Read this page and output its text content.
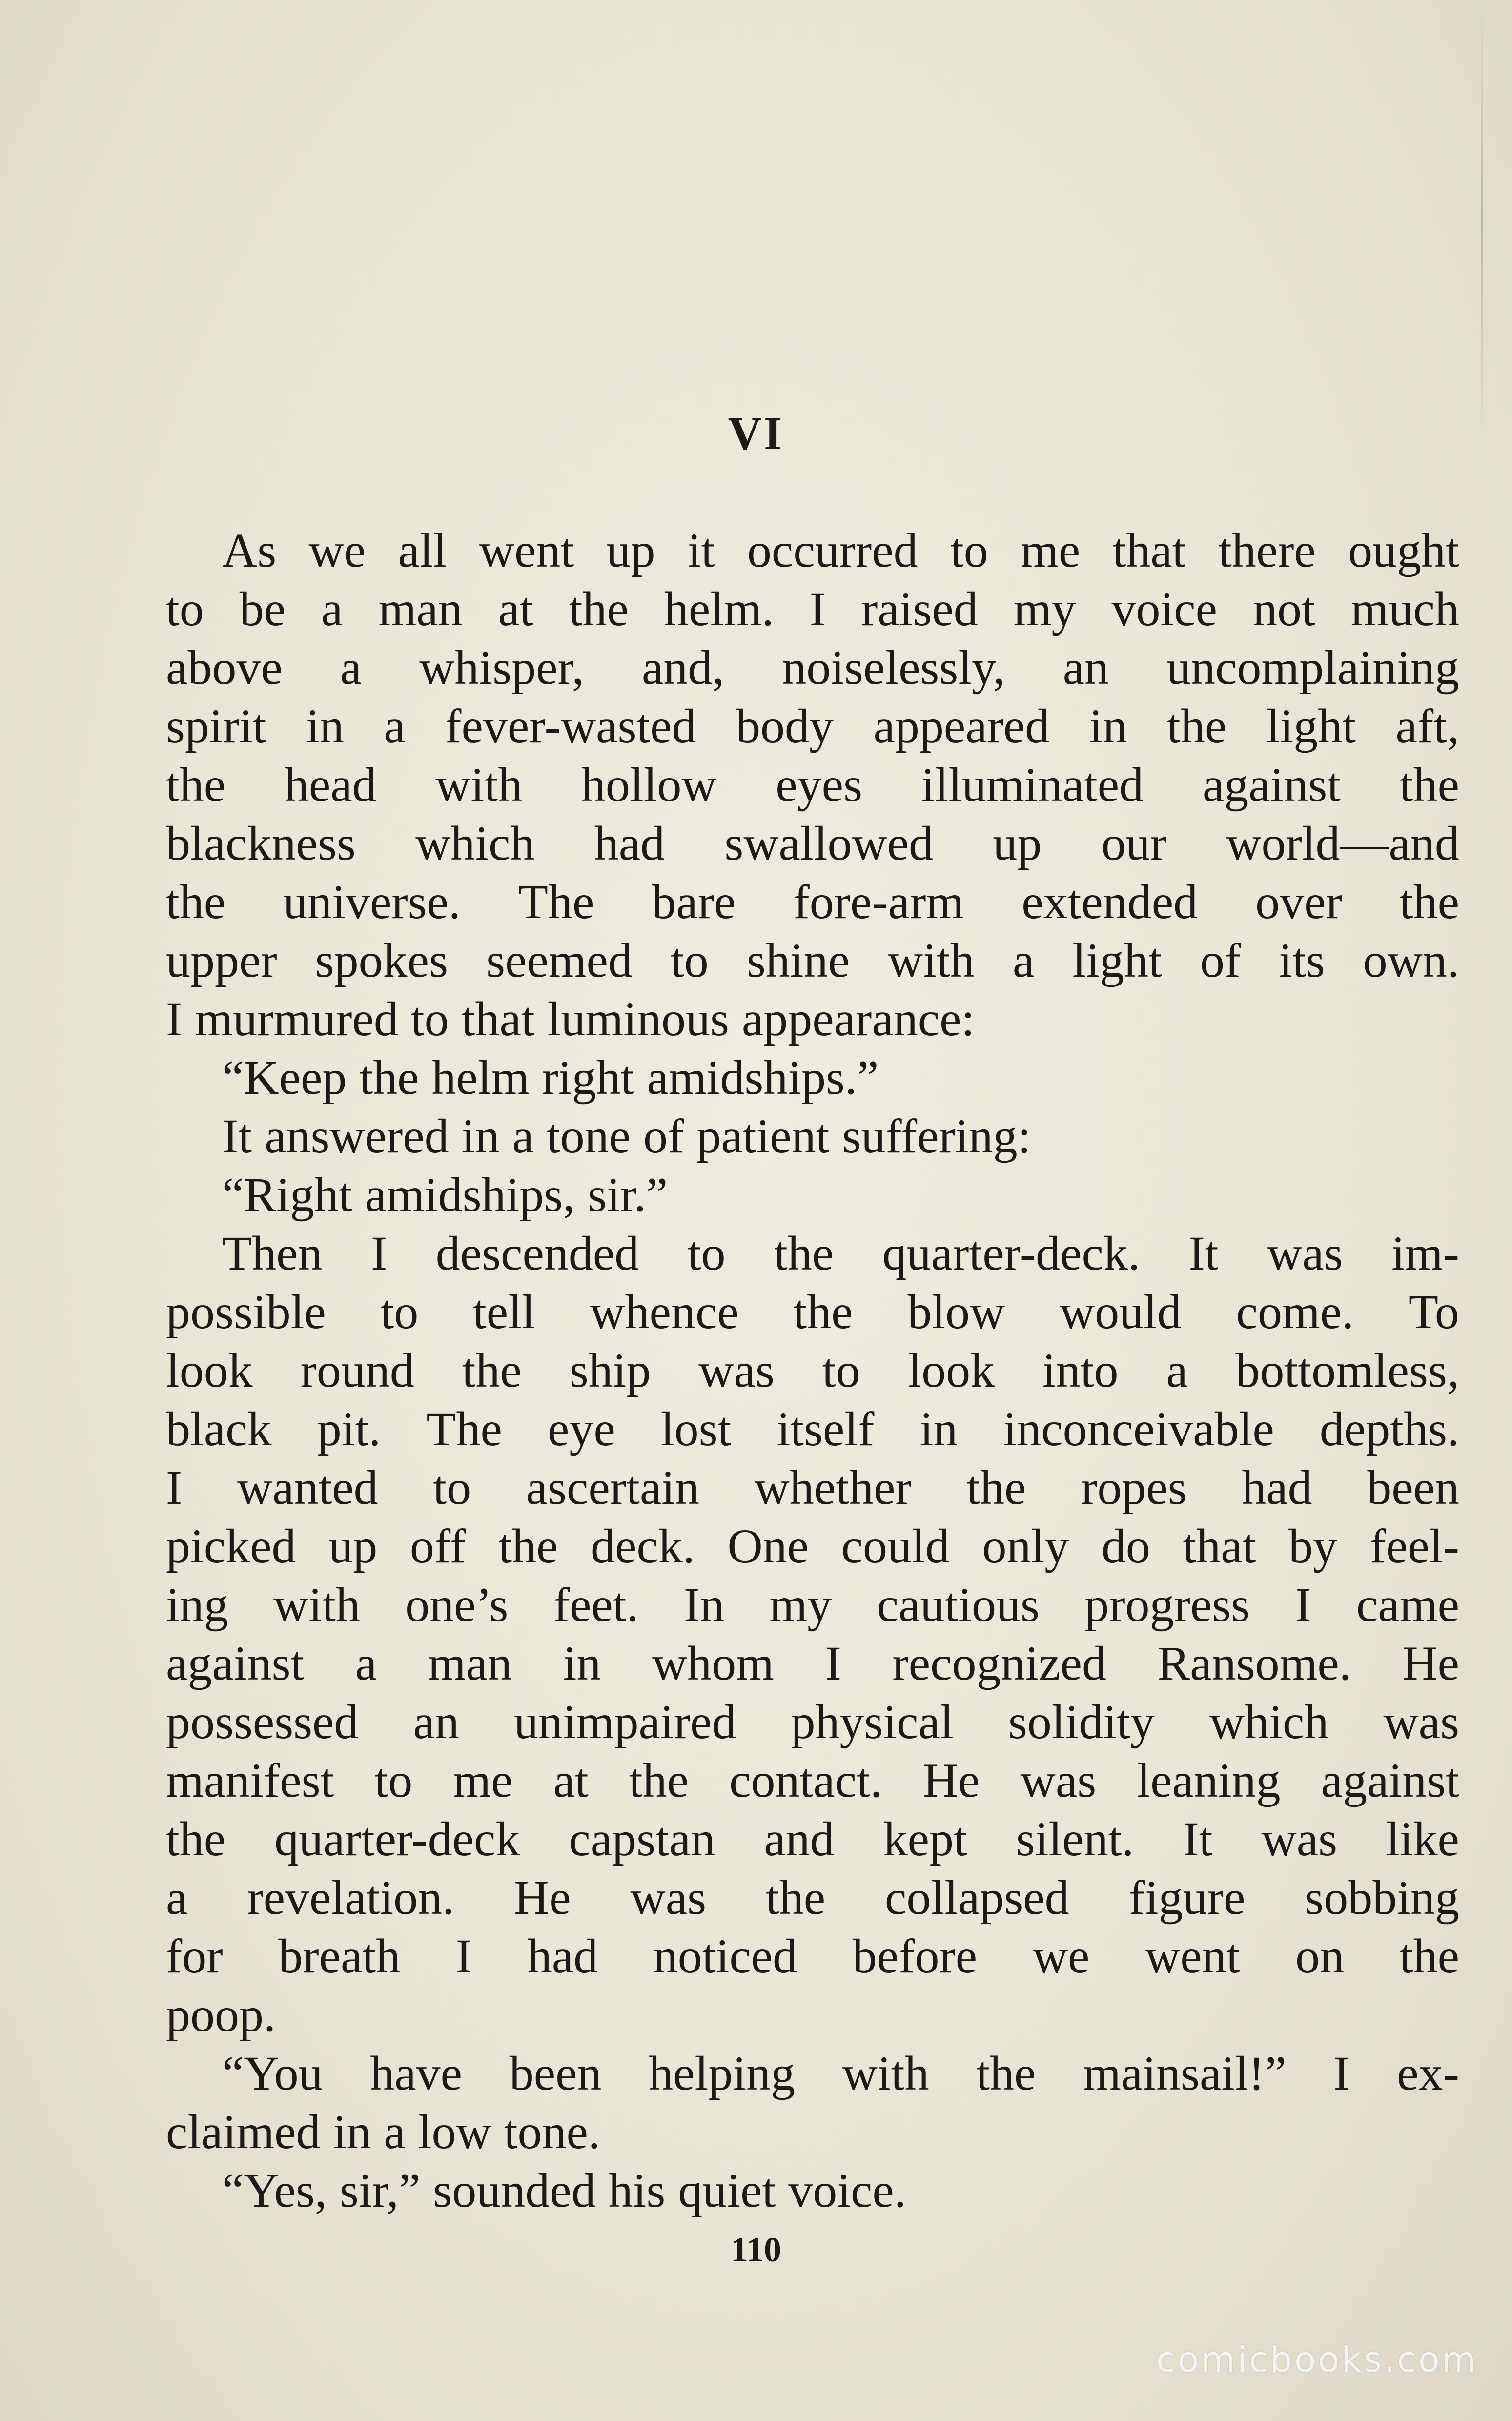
VI
As we all went up it occurred to me that there ought
to be a man at the helm. I raised my voice not much
above a whisper, and, noiselessly, an uncomplaining
spirit in a fever-wasted body appeared in the light aft,
the head with hollow eyes illuminated against the
blackness which had swallowed up our world—and
the universe. The bare fore-arm extended over the
upper spokes seemed to shine with a light of its own.
I murmured to that luminous appearance:
“Keep the helm right amidships.”
It answered in a tone of patient suffering:
“Right amidships, sir.”
Then I descended to the quarter-deck. It was im-
possible to tell whence the blow would come. To
look round the ship was to look into a bottomless,
black pit. The eye lost itself in inconceivable depths.
I wanted to ascertain whether the ropes had been
picked up off the deck. One could only do that by feel-
ing with one’s feet. In my cautious progress I came
against a man in whom I recognized Ransome. He
possessed an unimpaired physical solidity which was
manifest to me at the contact. He was leaning against
the quarter-deck capstan and kept silent. It was like
a revelation. He was the collapsed figure sobbing
for breath I had noticed before we went on the
poop.
“You have been helping with the mainsail!” I ex-
claimed in a low tone.
“Yes, sir,” sounded his quiet voice.
110
comicbooks.com
